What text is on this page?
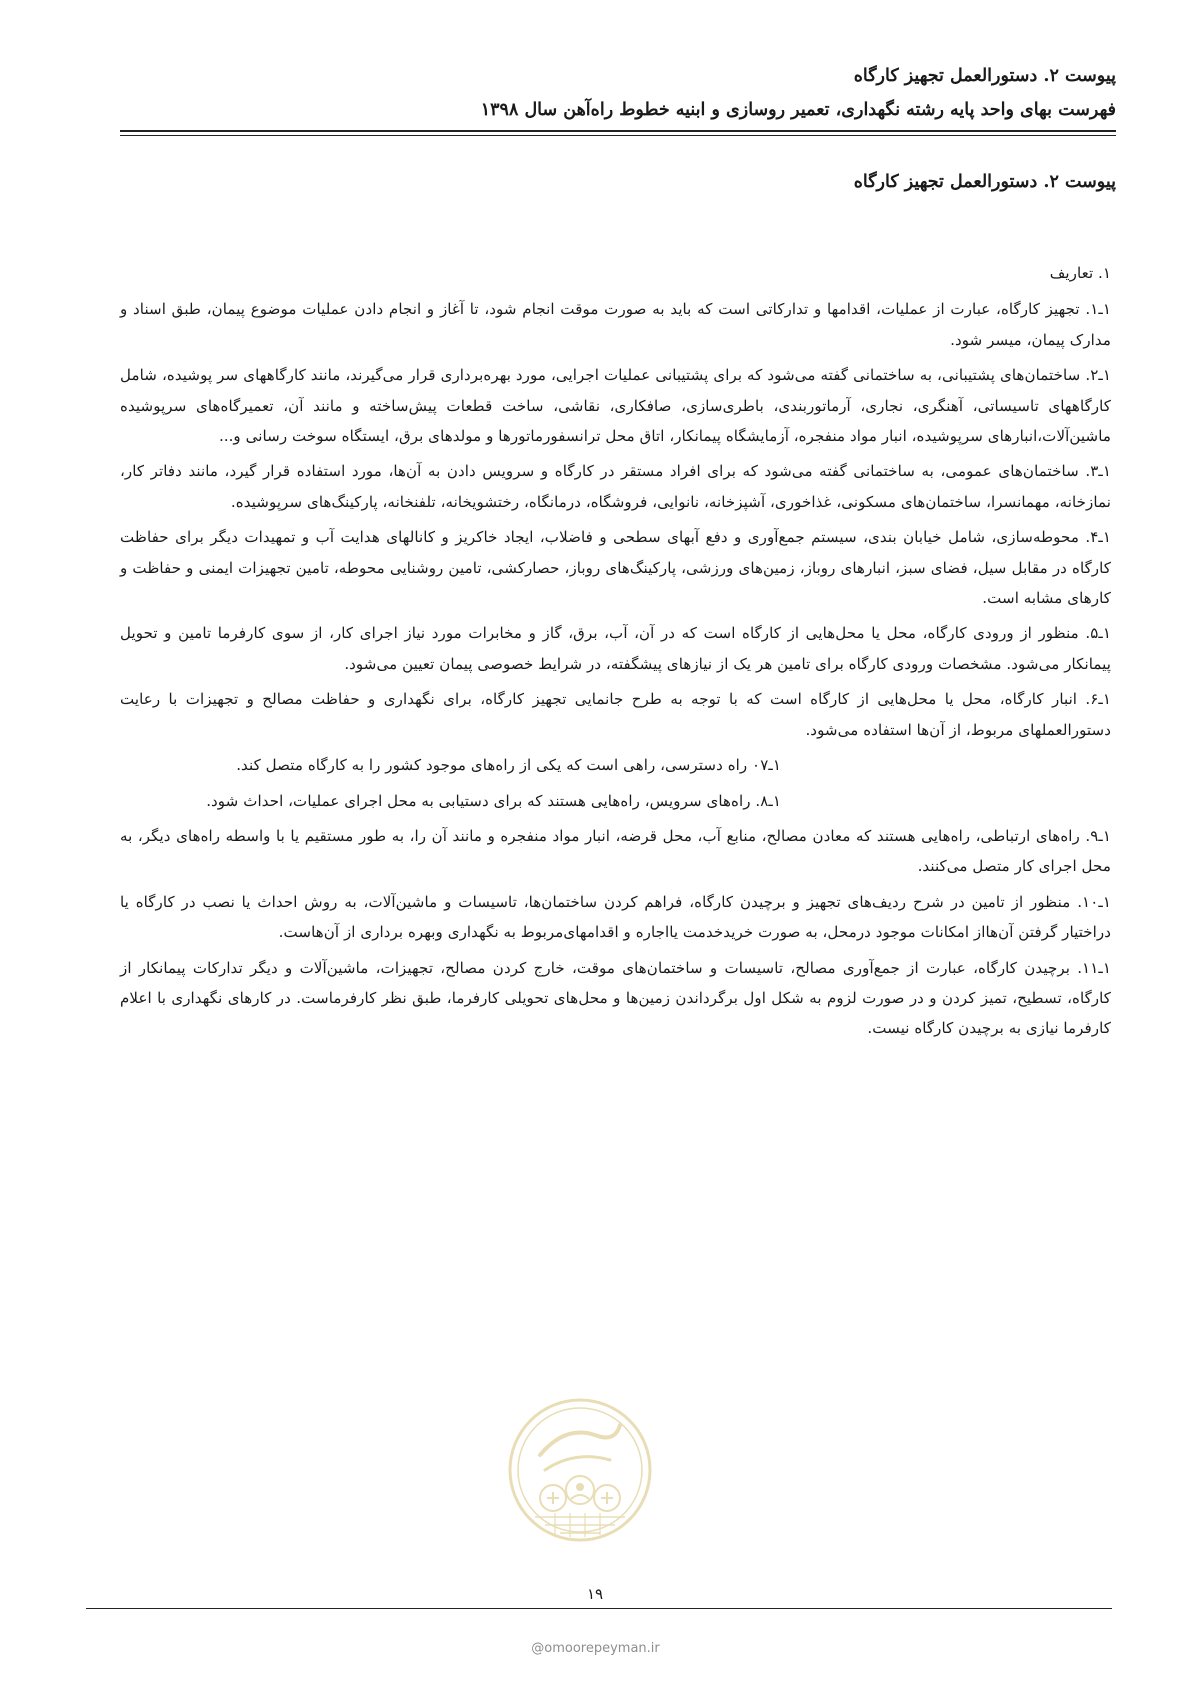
پیوست ۲. دستورالعمل تجهیز کارگاه
فهرست بهای واحد پایه رشته نگهداری، تعمیر روسازی و ابنیه خطوط راه‌آهن سال ۱۳۹۸
پیوست ۲. دستورالعمل تجهیز کارگاه

۱. تعاریف

۱ـ۱. تجهیز کارگاه، عبارت از عملیات، اقدامها و تدارکاتی است که باید به صورت موقت انجام شود، تا آغاز و انجام دادن عملیات موضوع پیمان، طبق اسناد و مدارک پیمان، میسر شود.

۱ـ۲. ساختمان‌های پشتیبانی، به ساختمانی گفته می‌شود که برای پشتیبانی عملیات اجرایی، مورد بهره‌برداری قرار می‌گیرند، مانند کارگاههای سر پوشیده، شامل کارگاههای تاسیساتی، آهنگری، نجاری، آرماتوربندی، باطری‌سازی، صافکاری، نقاشی، ساخت قطعات پیش‌ساخته و مانند آن، تعمیرگاه‌های سرپوشیده ماشین‌آلات،انبارهای سرپوشیده، انبار مواد منفجره، آزمایشگاه پیمانکار، اتاق محل ترانسفورماتورها و مولدهای برق، ایستگاه سوخت رسانی و...

۱ـ۳. ساختمان‌های عمومی، به ساختمانی گفته می‌شود که برای افراد مستقر در کارگاه و سرویس دادن به آن‌ها، مورد استفاده قرار گیرد، مانند دفاتر کار، نمازخانه، مهمانسرا، ساختمان‌های مسکونی، غذاخوری، آشپزخانه، نانوایی، فروشگاه، درمانگاه، رختشویخانه، تلفنخانه، پارکینگ‌های سرپوشیده.

۱ـ۴. محوطه‌سازی، شامل خیابان بندی، سیستم جمع‌آوری و دفع آبهای سطحی و فاضلاب، ایجاد خاکریز و کانالهای هدایت آب و تمهیدات دیگر برای حفاظت کارگاه در مقابل سیل، فضای سبز، انبارهای روباز، زمین‌های ورزشی، پارکینگ‌های روباز، حصارکشی، تامین روشنایی محوطه، تامین تجهیزات ایمنی و حفاظت و کارهای مشابه است.

۱ـ۵. منظور از ورودی کارگاه، محل یا محل‌هایی از کارگاه است که در آن، آب، برق، گاز و مخابرات مورد نیاز اجرای کار، از سوی کارفرما تامین و تحویل پیمانکار می‌شود. مشخصات ورودی کارگاه برای تامین هر یک از نیازهای پیشگفته، در شرایط خصوصی پیمان تعیین می‌شود.

۱ـ۶. انبار کارگاه، محل یا محل‌هایی از کارگاه است که با توجه به طرح جانمایی تجهیز کارگاه، برای نگهداری و حفاظت مصالح و تجهیزات با رعایت دستورالعملهای مربوط، از آن‌ها استفاده می‌شود.

۱ـ۰۷ راه دسترسی، راهی است که یکی از راه‌های موجود کشور را به کارگاه متصل کند.

۱ـ۸. راه‌های سرویس، راه‌هایی هستند که برای دستیابی به محل اجرای عملیات، احداث شود.

۱ـ۹. راه‌های ارتباطی، راه‌هایی هستند که معادن مصالح، منابع آب، محل قرضه، انبار مواد منفجره و مانند آن را، به طور مستقیم یا با واسطه راه‌های دیگر، به محل اجرای کار متصل می‌کنند.

۱ـ۱۰. منظور از تامین در شرح ردیف‌های تجهیز و برچیدن کارگاه، فراهم کردن ساختمان‌ها، تاسیسات و ماشین‌آلات، به روش احداث یا نصب در کارگاه یا دراختیار گرفتن آن‌هااز امکانات موجود درمحل، به صورت خریدخدمت یااجاره و اقدامهای‌مربوط به نگهداری وبهره برداری از آن‌هاست.

۱ـ۱۱. برچیدن کارگاه، عبارت از جمع‌آوری مصالح، تاسیسات و ساختمان‌های موقت، خارج کردن مصالح، تجهیزات، ماشین‌آلات و دیگر تدارکات پیمانکار از کارگاه، تسطیح، تمیز کردن و در صورت لزوم به شکل اول برگرداندن زمین‌ها و محل‌های تحویلی کارفرما، طبق نظر کارفرماست. در کارهای نگهداری با اعلام کارفرما نیازی به برچیدن کارگاه نیست.

۱۹
@omoorepeyman.ir
